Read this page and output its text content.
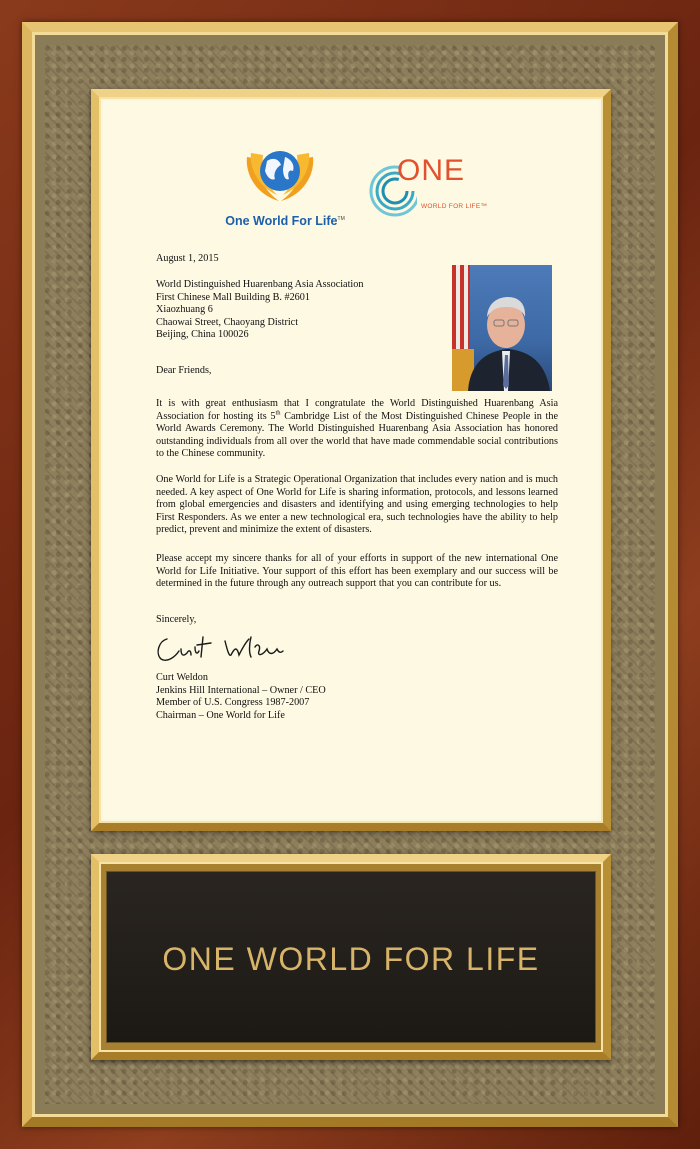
One World For Life™
ONE
WORLD FOR LIFE™
August 1, 2015
World Distinguished Huarenbang Asia Association
First Chinese Mall Building B. #2601
Xiaozhuang 6
Chaowai Street, Chaoyang District
Beijing, China 100026
Dear Friends,
It is with great enthusiasm that I congratulate the World Distinguished Huarenbang Asia Association for hosting its 5th Cambridge List of the Most Distinguished Chinese People in the World Awards Ceremony. The World Distinguished Huarenbang Asia Association has honored outstanding individuals from all over the world that have made commendable social contributions to the Chinese community.
One World for Life is a Strategic Operational Organization that includes every nation and is much needed. A key aspect of One World for Life is sharing information, protocols, and lessons learned from global emergencies and disasters and identifying and using emerging technologies to help First Responders. As we enter a new technological era, such technologies have the ability to help predict, prevent and minimize the extent of disasters.
Please accept my sincere thanks for all of your efforts in support of the new international One World for Life Initiative. Your support of this effort has been exemplary and our success will be determined in the future through any outreach support that you can contribute for us.
Sincerely,
Curt Weldon
Jenkins Hill International – Owner / CEO
Member of U.S. Congress 1987-2007
Chairman – One World for Life
ONE WORLD FOR LIFE
